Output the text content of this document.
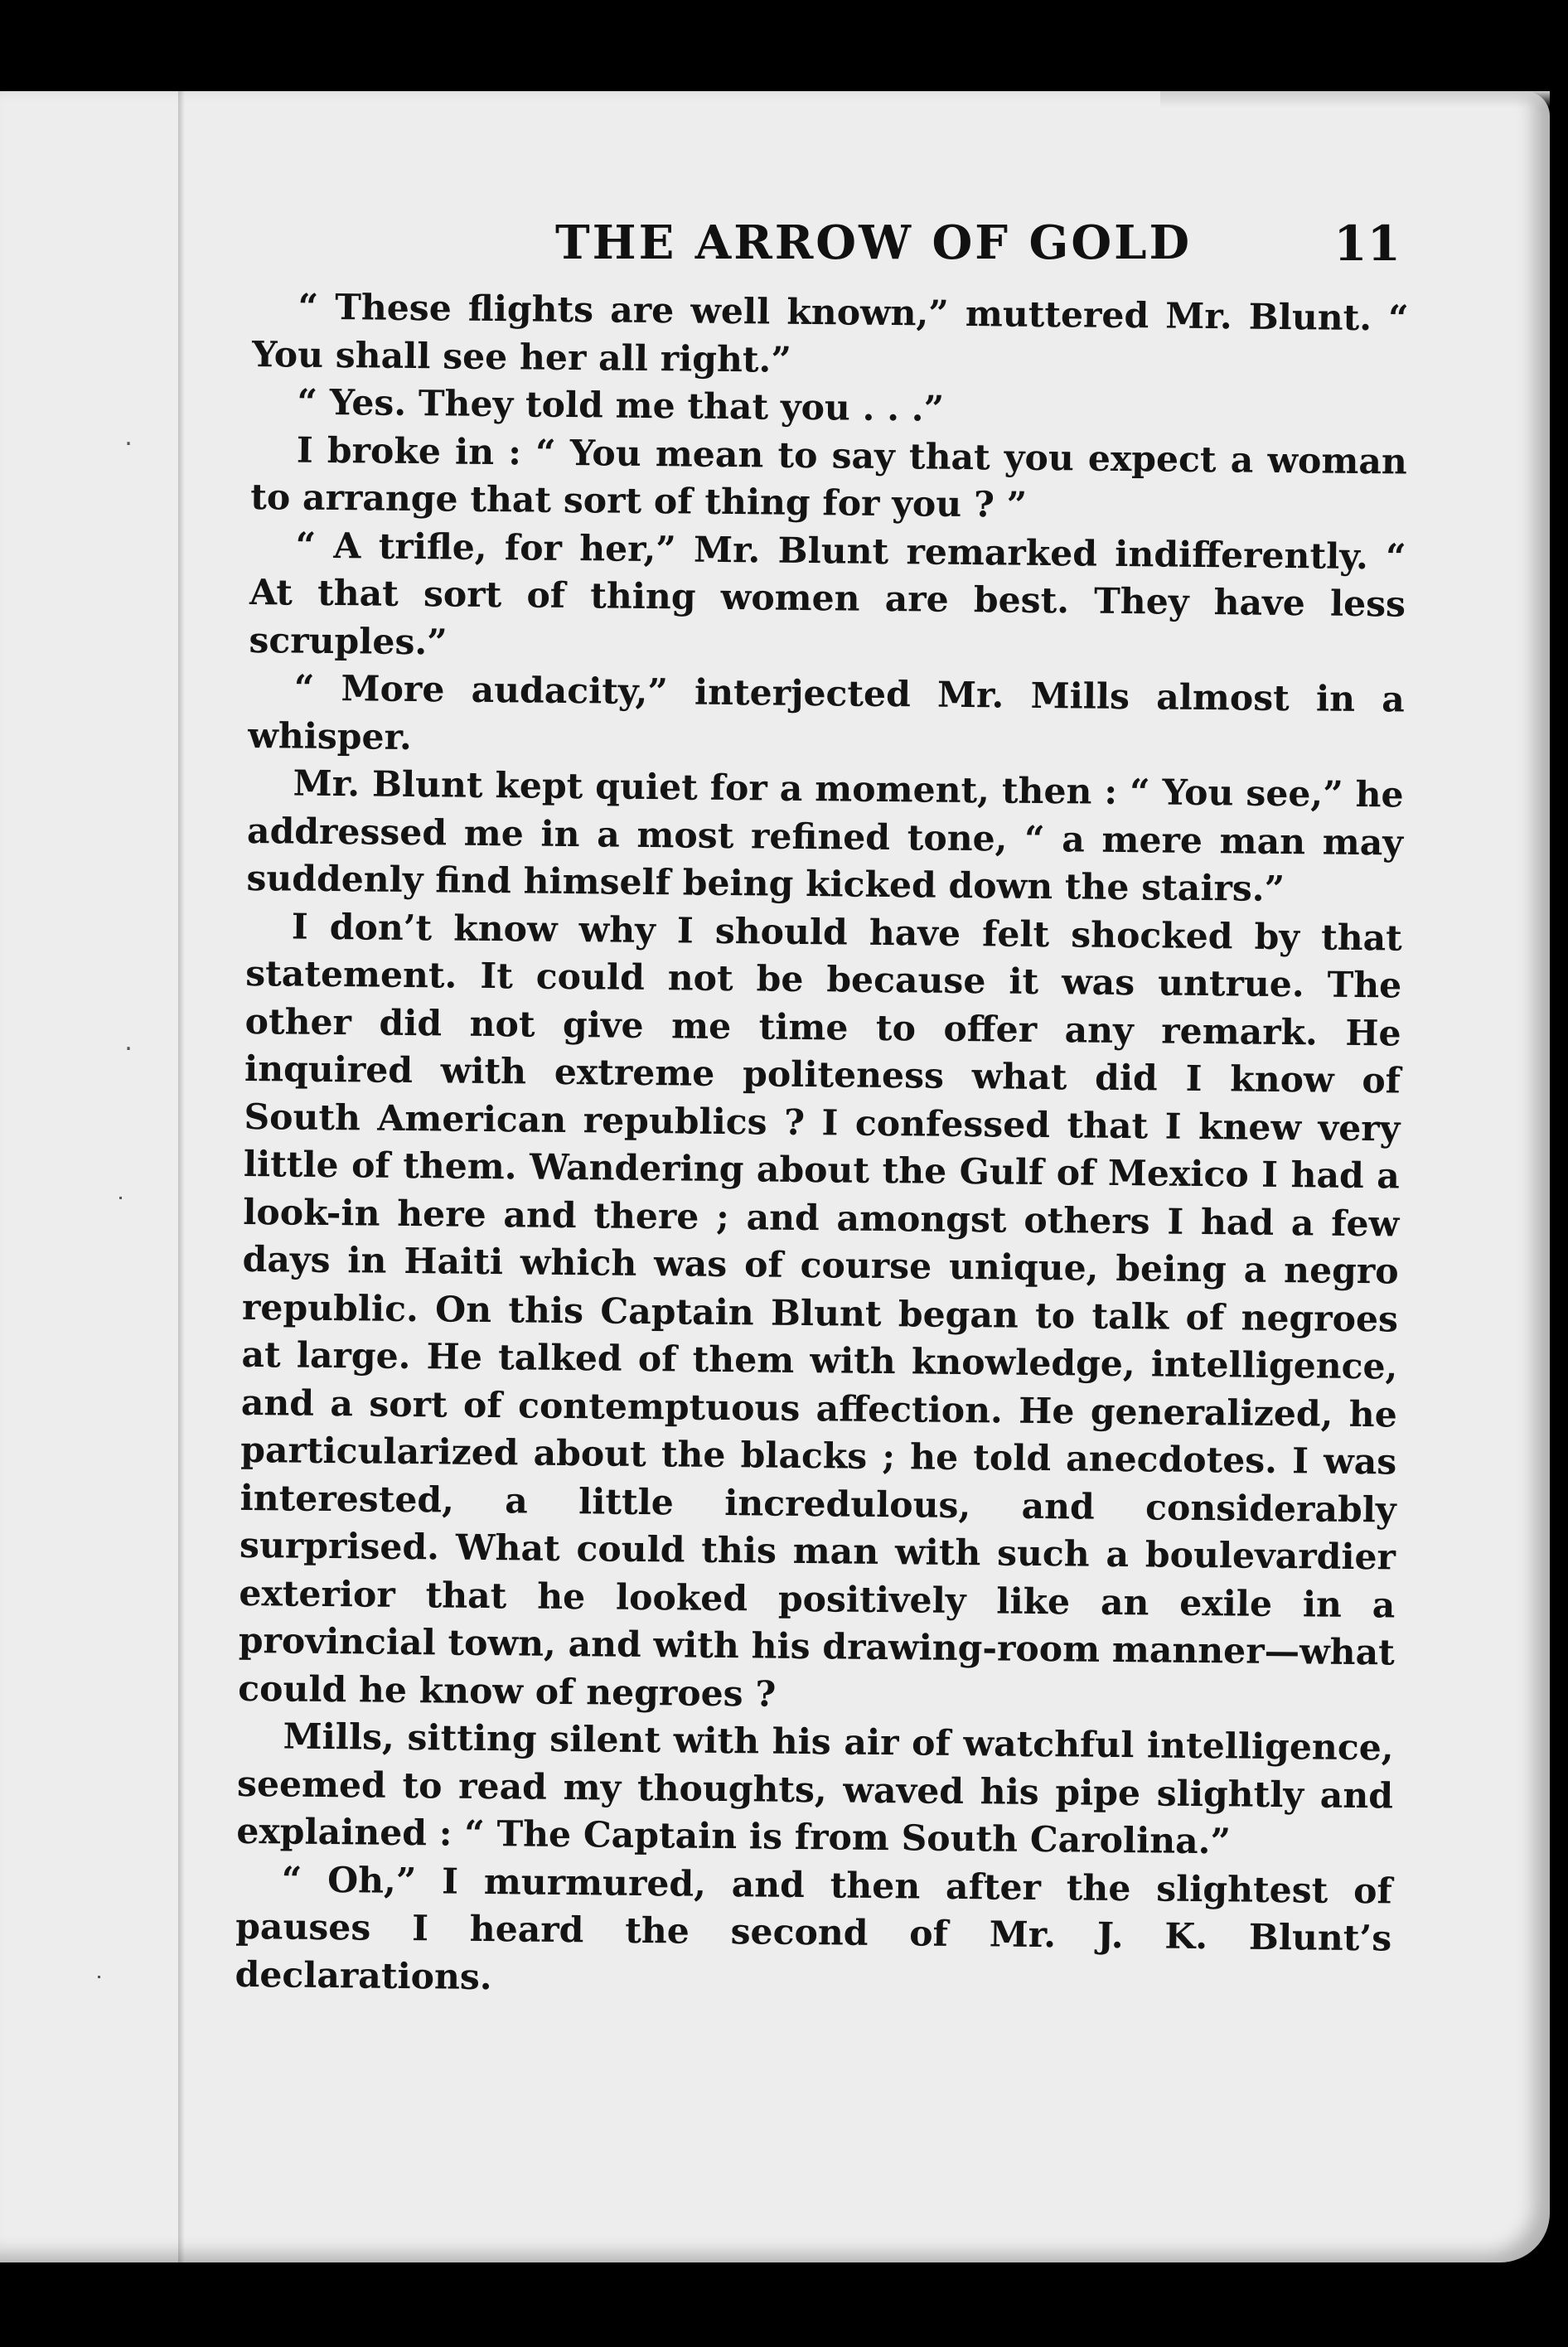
THE ARROW OF GOLD	11

“ These flights are well known,” muttered Mr. Blunt. “ You shall see her all right.”

“ Yes. They told me that you . . .”

I broke in : “ You mean to say that you expect a woman to arrange that sort of thing for you ? ”

“ A trifle, for her,” Mr. Blunt remarked indifferently. “ At that sort of thing women are best. They have less scruples.”

“ More audacity,” interjected Mr. Mills almost in a whisper.

Mr. Blunt kept quiet for a moment, then : “ You see,” he addressed me in a most refined tone, “ a mere man may suddenly find himself being kicked down the stairs.”

I don’t know why I should have felt shocked by that statement. It could not be because it was untrue. The other did not give me time to offer any remark. He inquired with extreme politeness what did I know of South American republics ? I confessed that I knew very little of them. Wandering about the Gulf of Mexico I had a look-in here and there ; and amongst others I had a few days in Haiti which was of course unique, being a negro republic. On this Captain Blunt began to talk of negroes at large. He talked of them with knowledge, intelligence, and a sort of contemptuous affection. He generalized, he particularized about the blacks ; he told anecdotes. I was interested, a little incredulous, and considerably surprised. What could this man with such a boulevardier exterior that he looked positively like an exile in a provincial town, and with his drawing-room manner—what could he know of negroes ?

Mills, sitting silent with his air of watchful intelligence, seemed to read my thoughts, waved his pipe slightly and explained : “ The Captain is from South Carolina.”

“ Oh,” I murmured, and then after the slightest of pauses I heard the second of Mr. J. K. Blunt’s declarations.

․
․
˙
˙
